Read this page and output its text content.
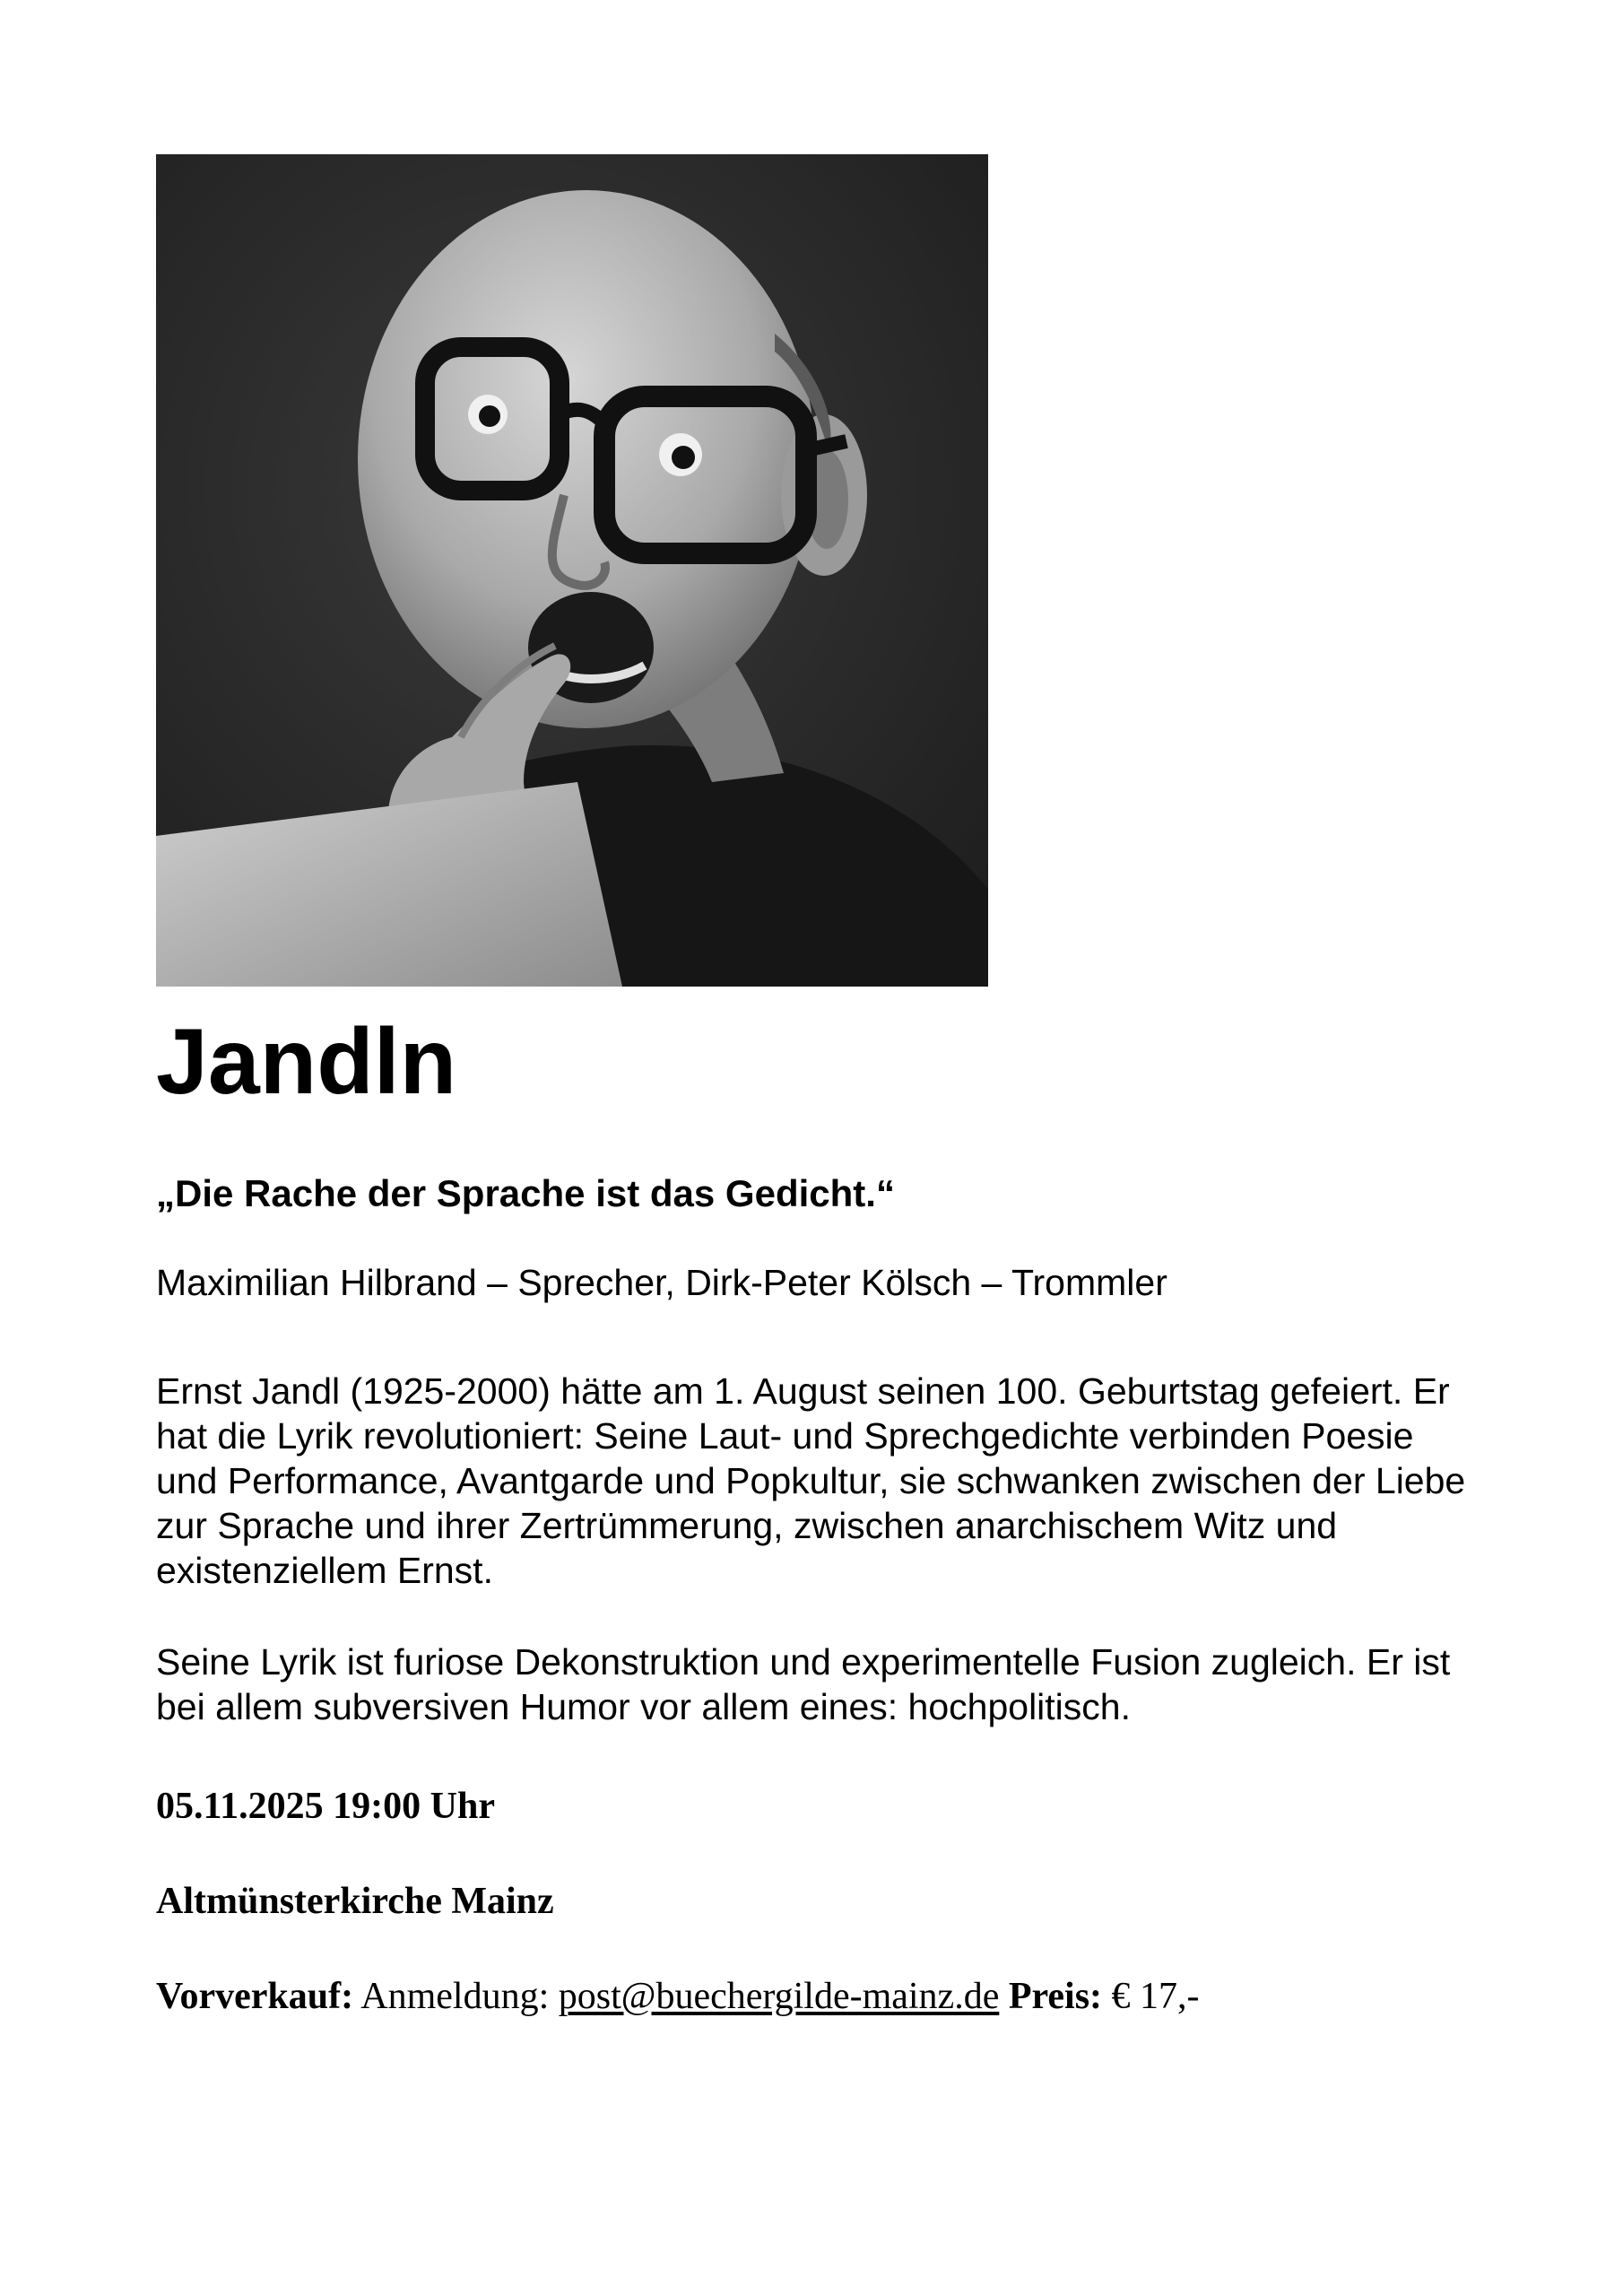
Jandln

„Die Rache der Sprache ist das Gedicht.“

Maximilian Hilbrand – Sprecher, Dirk-Peter Kölsch – Trommler

Ernst Jandl (1925-2000) hätte am 1. August seinen 100. Geburtstag gefeiert. Er hat die Lyrik revolutioniert: Seine Laut- und Sprechgedichte verbinden Poesie und Performance, Avantgarde und Popkultur, sie schwanken zwischen der Liebe zur Sprache und ihrer Zertrümmerung, zwischen anarchischem Witz und existenziellem Ernst.

Seine Lyrik ist furiose Dekonstruktion und experimentelle Fusion zugleich. Er ist bei allem subversiven Humor vor allem eines: hochpolitisch.

05.11.2025 19:00 Uhr

Altmünsterkirche Mainz

Vorverkauf: Anmeldung: post@buechergilde-mainz.de Preis: € 17,-
